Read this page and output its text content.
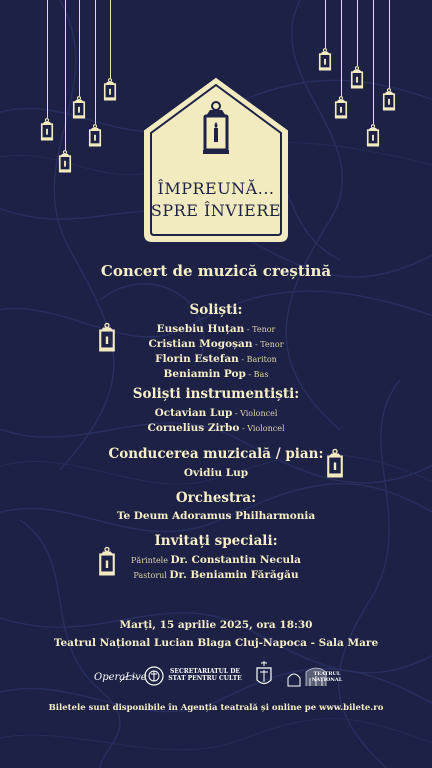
ÎMPREUNĂ...
SPRE ÎNVIERE
Concert de muzică creștină
Soliști:
Eusebiu Huțan - Tenor
Cristian Mogoșan - Tenor
Florin Estefan - Bariton
Beniamin Pop - Bas
Soliști instrumentiști:
Octavian Lup - Violoncel
Cornelius Zirbo - Violoncel
Conducerea muzicală / pian:
Ovidiu Lup
Orchestra:
Te Deum Adoramus Philharmonia
Invitați speciali:
Părintele Dr. Constantin Necula
Pastorul Dr. Beniamin Fărăgău
Marți, 15 aprilie 2025, ora 18:30
Teatrul Național Lucian Blaga Cluj-Napoca - Sala Mare
OperaLive
SECRETARIATUL DE STAT PENTRU CULTE
TEATRUL NAȚIONAL
Biletele sunt disponibile în Agenția teatrală și online pe www.bilete.ro
